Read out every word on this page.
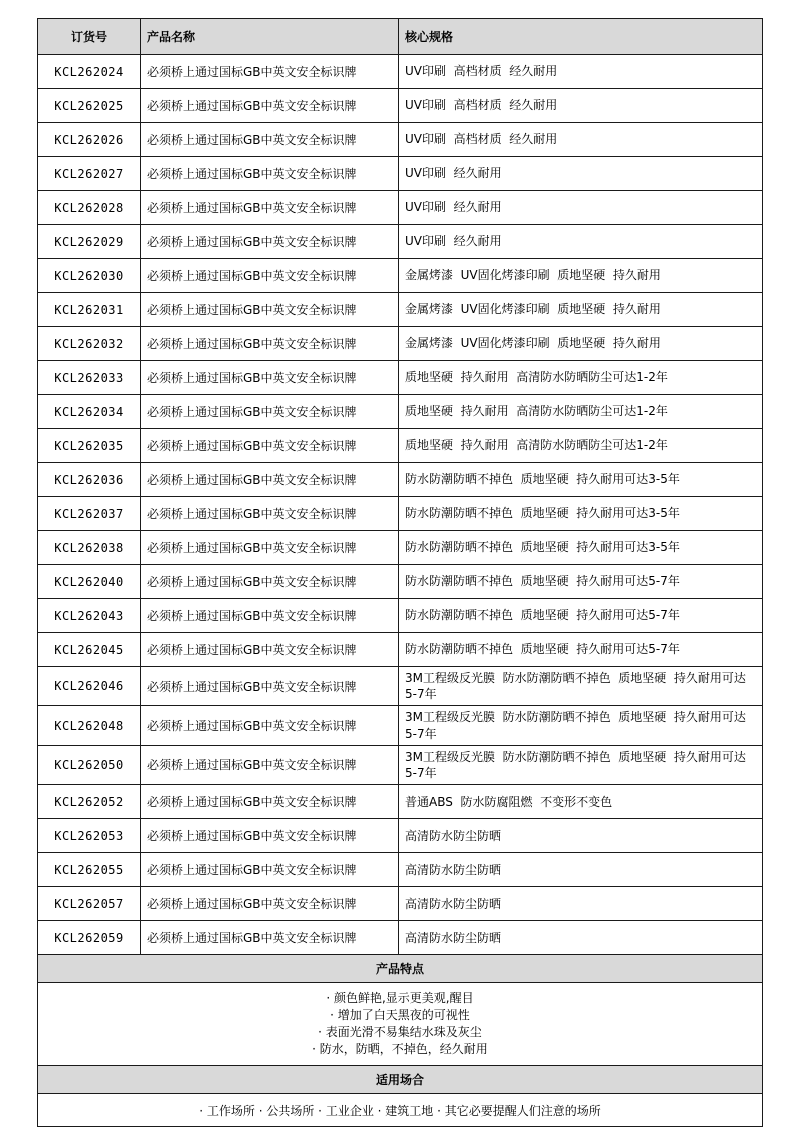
订货号	产品名称	核心规格
KCL262024	必须桥上通过国标GB中英文安全标识牌	UV印刷  高档材质  经久耐用
KCL262025	必须桥上通过国标GB中英文安全标识牌	UV印刷  高档材质  经久耐用
KCL262026	必须桥上通过国标GB中英文安全标识牌	UV印刷  高档材质  经久耐用
KCL262027	必须桥上通过国标GB中英文安全标识牌	UV印刷  经久耐用
KCL262028	必须桥上通过国标GB中英文安全标识牌	UV印刷  经久耐用
KCL262029	必须桥上通过国标GB中英文安全标识牌	UV印刷  经久耐用
KCL262030	必须桥上通过国标GB中英文安全标识牌	金属烤漆  UV固化烤漆印刷  质地坚硬  持久耐用
KCL262031	必须桥上通过国标GB中英文安全标识牌	金属烤漆  UV固化烤漆印刷  质地坚硬  持久耐用
KCL262032	必须桥上通过国标GB中英文安全标识牌	金属烤漆  UV固化烤漆印刷  质地坚硬  持久耐用
KCL262033	必须桥上通过国标GB中英文安全标识牌	质地坚硬  持久耐用  高清防水防晒防尘可达1-2年
KCL262034	必须桥上通过国标GB中英文安全标识牌	质地坚硬  持久耐用  高清防水防晒防尘可达1-2年
KCL262035	必须桥上通过国标GB中英文安全标识牌	质地坚硬  持久耐用  高清防水防晒防尘可达1-2年
KCL262036	必须桥上通过国标GB中英文安全标识牌	防水防潮防晒不掉色  质地坚硬  持久耐用可达3-5年
KCL262037	必须桥上通过国标GB中英文安全标识牌	防水防潮防晒不掉色  质地坚硬  持久耐用可达3-5年
KCL262038	必须桥上通过国标GB中英文安全标识牌	防水防潮防晒不掉色  质地坚硬  持久耐用可达3-5年
KCL262040	必须桥上通过国标GB中英文安全标识牌	防水防潮防晒不掉色  质地坚硬  持久耐用可达5-7年
KCL262043	必须桥上通过国标GB中英文安全标识牌	防水防潮防晒不掉色  质地坚硬  持久耐用可达5-7年
KCL262045	必须桥上通过国标GB中英文安全标识牌	防水防潮防晒不掉色  质地坚硬  持久耐用可达5-7年
KCL262046	必须桥上通过国标GB中英文安全标识牌	3M工程级反光膜  防水防潮防晒不掉色  质地坚硬  持久耐用可达5-7年
KCL262048	必须桥上通过国标GB中英文安全标识牌	3M工程级反光膜  防水防潮防晒不掉色  质地坚硬  持久耐用可达5-7年
KCL262050	必须桥上通过国标GB中英文安全标识牌	3M工程级反光膜  防水防潮防晒不掉色  质地坚硬  持久耐用可达5-7年
KCL262052	必须桥上通过国标GB中英文安全标识牌	普通ABS  防水防腐阻燃  不变形不变色
KCL262053	必须桥上通过国标GB中英文安全标识牌	高清防水防尘防晒
KCL262055	必须桥上通过国标GB中英文安全标识牌	高清防水防尘防晒
KCL262057	必须桥上通过国标GB中英文安全标识牌	高清防水防尘防晒
KCL262059	必须桥上通过国标GB中英文安全标识牌	高清防水防尘防晒
产品特点		

· 颜色鲜艳,显示更美观,醒目
· 增加了白天黑夜的可视性
· 表面光滑不易集结水珠及灰尘
· 防水，防晒，不掉色，经久耐用		

适用场合		
· 工作场所 · 公共场所 · 工业企业 · 建筑工地 · 其它必要提醒人们注意的场所		
